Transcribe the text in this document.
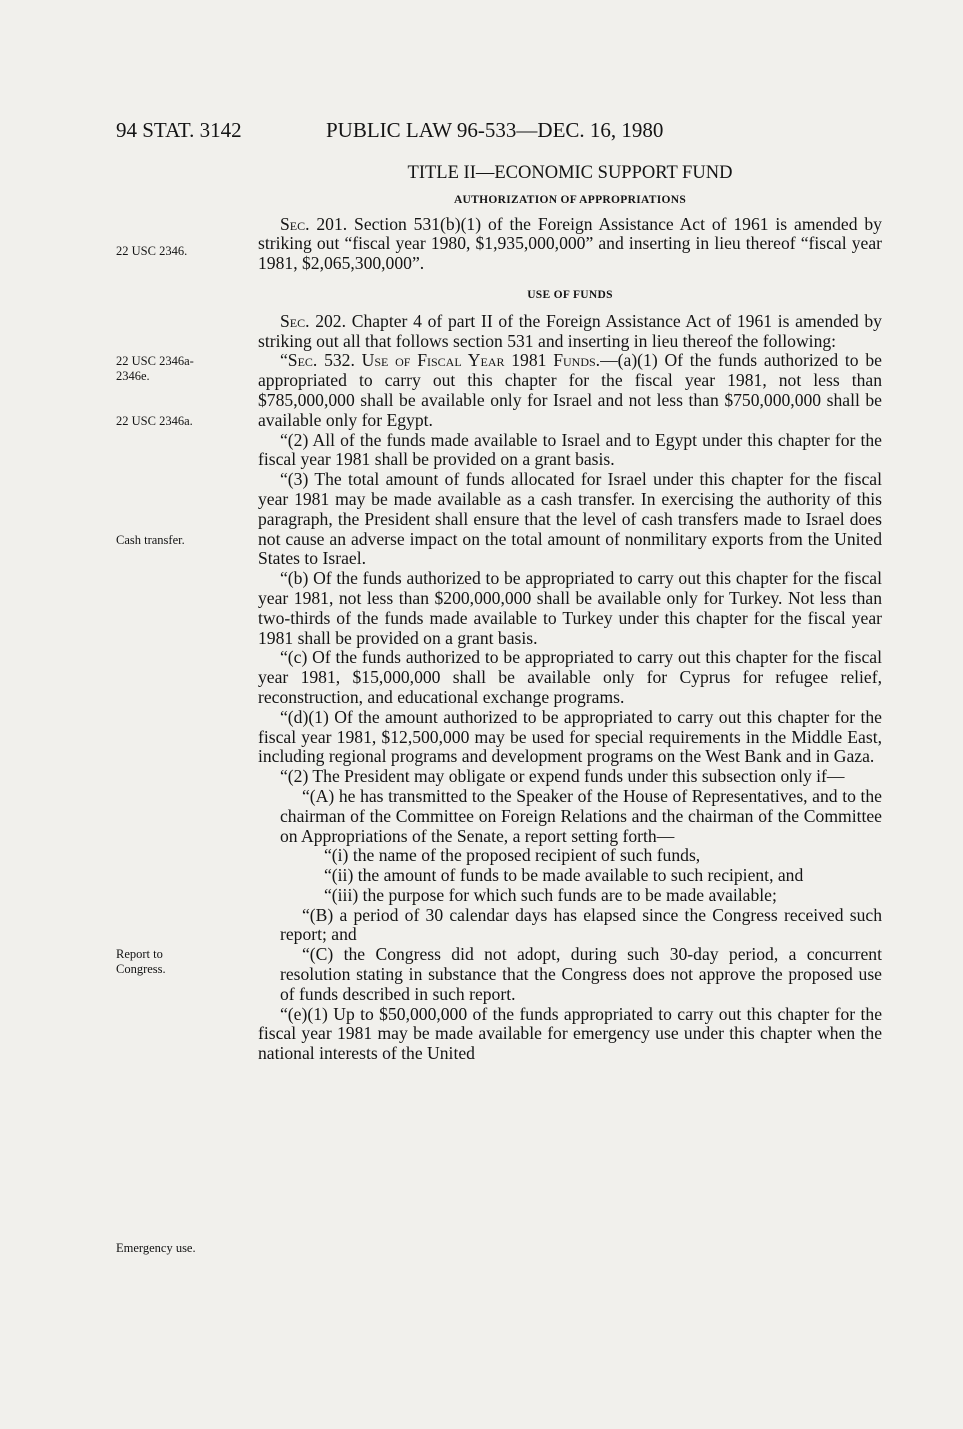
94 STAT. 3142	PUBLIC LAW 96-533—DEC. 16, 1980
22 USC 2346.
22 USC 2346a-2346e.
22 USC 2346a.
Cash transfer.
Report to Congress.
Emergency use.
TITLE II—ECONOMIC SUPPORT FUND
AUTHORIZATION OF APPROPRIATIONS

Sec. 201. Section 531(b)(1) of the Foreign Assistance Act of 1961 is amended by striking out “fiscal year 1980, $1,935,000,000” and inserting in lieu thereof “fiscal year 1981, $2,065,300,000”.

USE OF FUNDS

Sec. 202. Chapter 4 of part II of the Foreign Assistance Act of 1961 is amended by striking out all that follows section 531 and inserting in lieu thereof the following:

“Sec. 532. Use of Fiscal Year 1981 Funds.—(a)(1) Of the funds authorized to be appropriated to carry out this chapter for the fiscal year 1981, not less than $785,000,000 shall be available only for Israel and not less than $750,000,000 shall be available only for Egypt.

“(2) All of the funds made available to Israel and to Egypt under this chapter for the fiscal year 1981 shall be provided on a grant basis.

“(3) The total amount of funds allocated for Israel under this chapter for the fiscal year 1981 may be made available as a cash transfer. In exercising the authority of this paragraph, the President shall ensure that the level of cash transfers made to Israel does not cause an adverse impact on the total amount of nonmilitary exports from the United States to Israel.

“(b) Of the funds authorized to be appropriated to carry out this chapter for the fiscal year 1981, not less than $200,000,000 shall be available only for Turkey. Not less than two-thirds of the funds made available to Turkey under this chapter for the fiscal year 1981 shall be provided on a grant basis.

“(c) Of the funds authorized to be appropriated to carry out this chapter for the fiscal year 1981, $15,000,000 shall be available only for Cyprus for refugee relief, reconstruction, and educational exchange programs.

“(d)(1) Of the amount authorized to be appropriated to carry out this chapter for the fiscal year 1981, $12,500,000 may be used for special requirements in the Middle East, including regional programs and development programs on the West Bank and in Gaza.

“(2) The President may obligate or expend funds under this subsection only if—

“(A) he has transmitted to the Speaker of the House of Representatives, and to the chairman of the Committee on Foreign Relations and the chairman of the Committee on Appropriations of the Senate, a report setting forth—

“(i) the name of the proposed recipient of such funds,

“(ii) the amount of funds to be made available to such recipient, and

“(iii) the purpose for which such funds are to be made available;

“(B) a period of 30 calendar days has elapsed since the Congress received such report; and

“(C) the Congress did not adopt, during such 30-day period, a concurrent resolution stating in substance that the Congress does not approve the proposed use of funds described in such report.

“(e)(1) Up to $50,000,000 of the funds appropriated to carry out this chapter for the fiscal year 1981 may be made available for emergency use under this chapter when the national interests of the United
